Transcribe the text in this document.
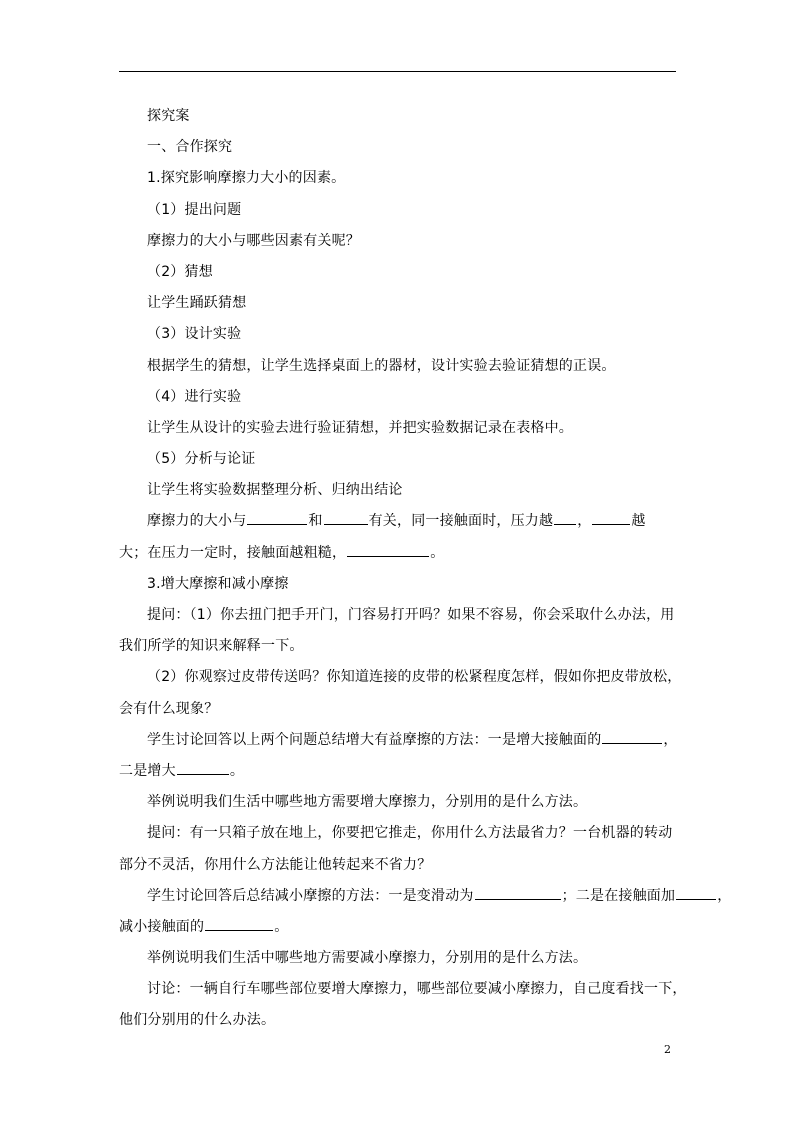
探究案
一、合作探究
1.探究影响摩擦力大小的因素。
（1）提出问题
摩擦力的大小与哪些因素有关呢？
（2）猜想
让学生踊跃猜想
（3）设计实验
根据学生的猜想，让学生选择桌面上的器材，设计实验去验证猜想的正误。
（4）进行实验
让学生从设计的实验去进行验证猜想，并把实验数据记录在表格中。
（5）分析与论证
让学生将实验数据整理分析、归纳出结论
摩擦力的大小与	和	有关，同一接触面时，压力越 ，	越
大；在压力一定时，接触面越粗糙，	。
3.增大摩擦和减小摩擦
提问：（1）你去扭门把手开门，门容易打开吗？如果不容易，你会采取什么办法，用
我们所学的知识来解释一下。
（2）你观察过皮带传送吗？你知道连接的皮带的松紧程度怎样，假如你把皮带放松，
会有什么现象？
学生讨论回答以上两个问题总结增大有益摩擦的方法：一是增大接触面的	，
二是增大	。
举例说明我们生活中哪些地方需要增大摩擦力，分别用的是什么方法。
提问：有一只箱子放在地上，你要把它推走，你用什么方法最省力？一台机器的转动
部分不灵活，你用什么方法能让他转起来不省力？
学生讨论回答后总结减小摩擦的方法：一是变滑动为	；二是在接触面加	，
减小接触面的	。
举例说明我们生活中哪些地方需要减小摩擦力，分别用的是什么方法。
讨论：一辆自行车哪些部位要增大摩擦力，哪些部位要减小摩擦力，自己度看找一下，
他们分别用的什么办法。
2
